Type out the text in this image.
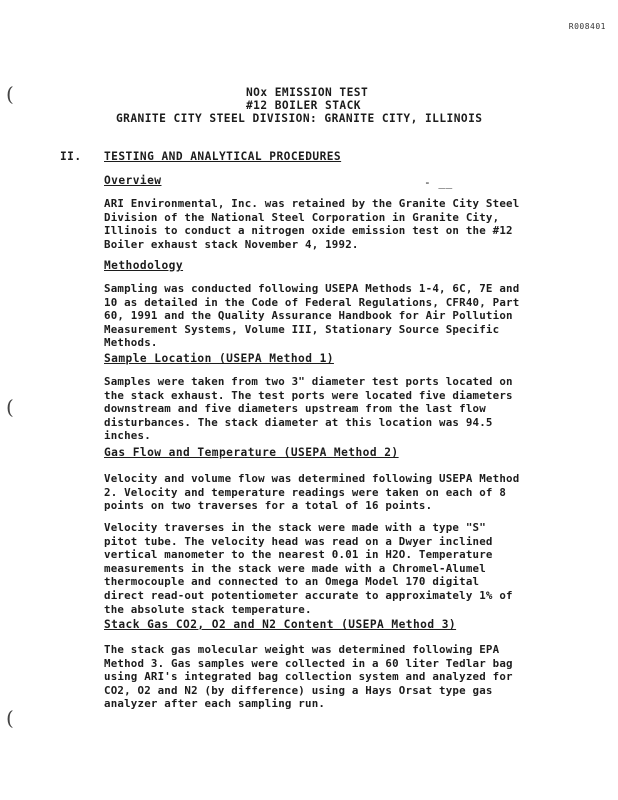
R008401
(
(
(
NOx EMISSION TEST
#12 BOILER STACK
GRANITE CITY STEEL DIVISION: GRANITE CITY, ILLINOIS
II. TESTING AND ANALYTICAL PROCEDURES
Overview	- __
ARI Environmental, Inc. was retained by the Granite City Steel
Division of the National Steel Corporation in Granite City,
Illinois to conduct a nitrogen oxide emission test on the #12
Boiler exhaust stack November 4, 1992.
Methodology
Sampling was conducted following USEPA Methods 1-4, 6C, 7E and
10 as detailed in the Code of Federal Regulations, CFR40, Part
60, 1991 and the Quality Assurance Handbook for Air Pollution
Measurement Systems, Volume III, Stationary Source Specific
Methods.
Sample Location (USEPA Method 1)
Samples were taken from two 3" diameter test ports located on
the stack exhaust. The test ports were located five diameters
downstream and five diameters upstream from the last flow
disturbances. The stack diameter at this location was 94.5
inches.
Gas Flow and Temperature (USEPA Method 2)
Velocity and volume flow was determined following USEPA Method
2. Velocity and temperature readings were taken on each of 8
points on two traverses for a total of 16 points.
Velocity traverses in the stack were made with a type "S"
pitot tube. The velocity head was read on a Dwyer inclined
vertical manometer to the nearest 0.01 in H2O. Temperature
measurements in the stack were made with a Chromel-Alumel
thermocouple and connected to an Omega Model 170 digital
direct read-out potentiometer accurate to approximately 1% of
the absolute stack temperature.
Stack Gas CO2, O2 and N2 Content (USEPA Method 3)
The stack gas molecular weight was determined following EPA
Method 3. Gas samples were collected in a 60 liter Tedlar bag
using ARI's integrated bag collection system and analyzed for
CO2, O2 and N2 (by difference) using a Hays Orsat type gas
analyzer after each sampling run.
